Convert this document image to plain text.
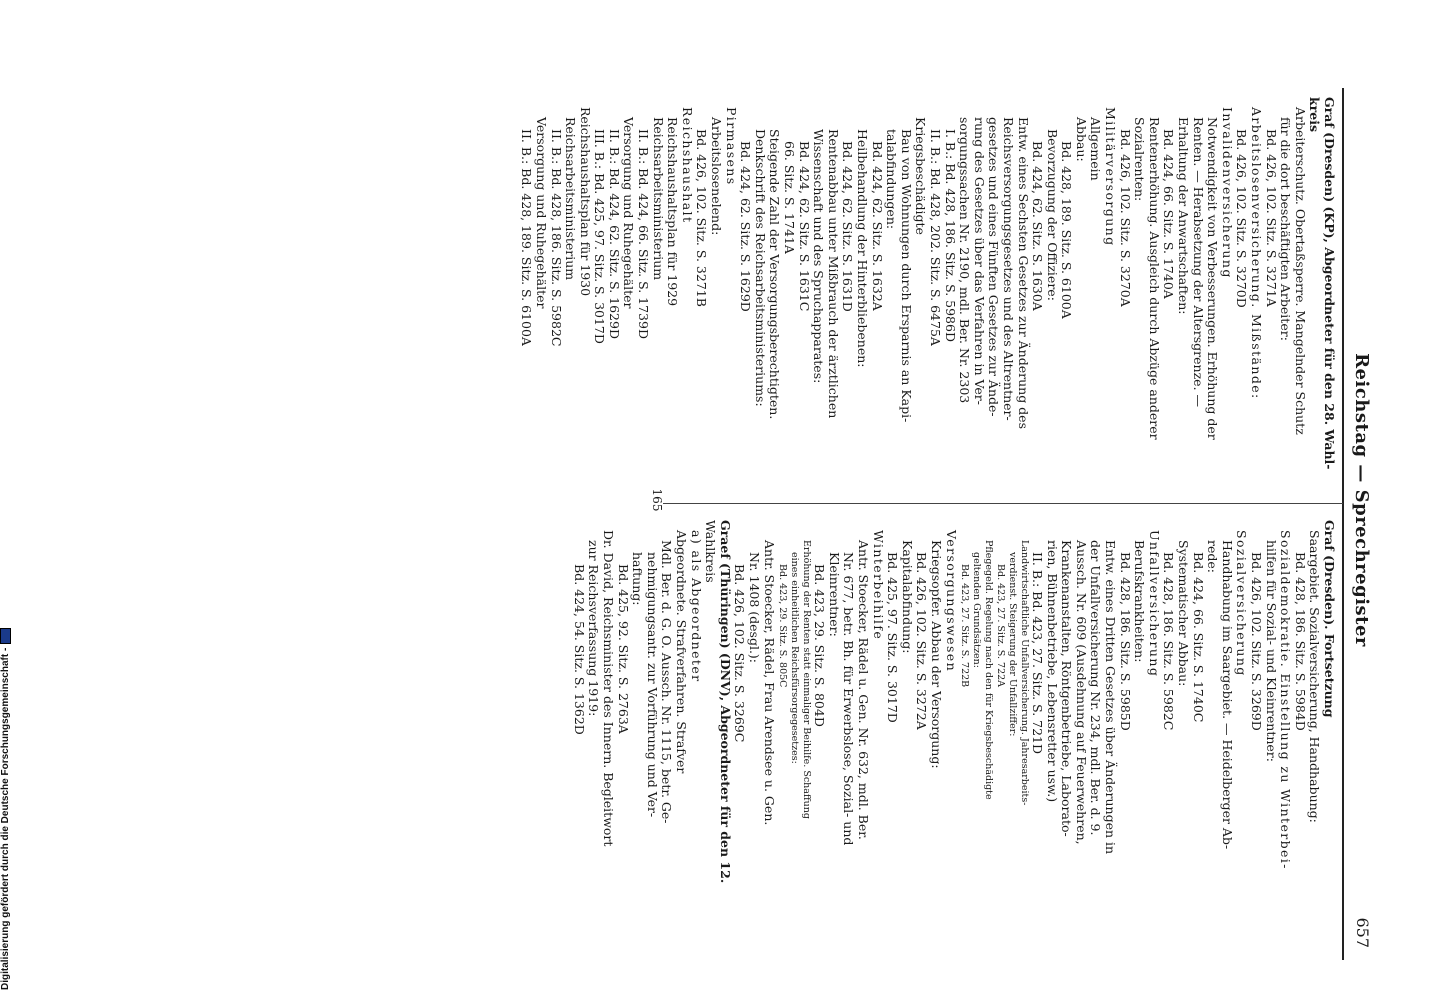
Reichstag — Sprechregister
657
Graf (Dresden) (KP), Abgeordneter für den 28. Wahl-
kreis
Arbeiterschutz. Obertaßsperre. Mangelnder Schutz
für die dort beschäftigten Arbeiter:
Bd. 426, 102. Sitz. S. 3271A
Arbeitslosenversicherung. Mißstände:
Bd. 426, 102. Sitz. S. 3270D
Invalidenversicherung
Notwendigkeit von Verbesserungen. Erhöhung der
Renten. — Herabsetzung der Altersgrenze. —
Erhaltung der Anwartschaften:
Bd. 424, 66. Sitz. S. 1740A
Rentenerhöhung. Ausgleich durch Abzüge anderer
Sozialrenten:
Bd. 426, 102. Sitz. S. 3270A
Militärversorgung
Allgemein
Abbau:
Bd. 428, 189. Sitz. S. 6100A
Bevorzugung der Offiziere:
Bd. 424, 62. Sitz. S. 1630A
Entw. eines Sechsten Gesetzes zur Änderung des
Reichsversorgungsgesetzes und des Altrentner-
gesetzes und eines Fünften Gesetzes zur Ände-
rung des Gesetzes über das Verfahren in Ver-
sorgungssachen Nr. 2190, mdl. Ber. Nr. 2303
I. B.: Bd. 428, 186. Sitz. S. 5986D
II. B.: Bd. 428, 202. Sitz. S. 6475A
Kriegsbeschädigte
Bau von Wohnungen durch Ersparnis an Kapi-
talabfindungen:
Bd. 424, 62. Sitz. S. 1632A
Heilbehandlung der Hinterbliebenen:
Bd. 424, 62. Sitz. S. 1631D
Rentenabbau unter Mißbrauch der ärztlichen
Wissenschaft und des Spruchapparates:
Bd. 424, 62. Sitz. S. 1631C
66. Sitz. S. 1741A
Steigende Zahl der Versorgungsberechtigten.
Denkschrift des Reichsarbeitsministeriums:
Bd. 424, 62. Sitz. S. 1629D
Pirmasens
Arbeitslosenelend:
Bd. 426, 102. Sitz. S. 3271B
Reichshaushalt
Reichshaushaltsplan für 1929
Reichsarbeitsministerium
II. B.: Bd. 424, 66. Sitz. S. 1739D
Versorgung und Ruhegehälter
II. B.: Bd. 424, 62. Sitz. S. 1629D
III. B.: Bd. 425, 97. Sitz. S. 3017D
Reichshaushaltsplan für 1930
Reichsarbeitsministerium
II. B.: Bd. 428, 186. Sitz. S. 5982C
Versorgung und Ruhegehälter
II. B.: Bd. 428, 189. Sitz. S. 6100A
Graf (Dresden). Fortsetzung
Saargebiet. Sozialversicherung, Handhabung:
Bd. 428, 186. Sitz. S. 5984D
Sozialdemokratie. Einstellung zu Winterbei-
hilfen für Sozial- und Kleinrentner:
Bd. 426, 102. Sitz. S. 3269D
Sozialversicherung
Handhabung im Saargebiet. — Heidelberger Ab-
rede:
Bd. 424, 66. Sitz. S. 1740C
Systematischer Abbau:
Bd. 428, 186. Sitz. S. 5982C
Unfallversicherung
Berufskrankheiten:
Bd. 428, 186. Sitz. S. 5985D
Entw. eines Dritten Gesetzes über Änderungen in
der Unfallversicherung Nr. 234, mdl. Ber. d. 9.
Aussch. Nr. 609 (Ausdehnung auf Feuerwehren,
Krankenanstalten, Röntgenbetriebe, Laborato-
rien, Bühnenbetriebe, Lebensretter usw.)
II. B.: Bd. 423, 27. Sitz. S. 721D
Landwirtschaftliche Unfallversicherung. Jahresarbeits-
verdienst. Steigerung der Unfallziffer:
Bd. 423, 27. Sitz. S. 722A
Pflegegeld. Regelung nach den für Kriegsbeschädigte
geltenden Grundsätzen:
Bd. 423, 27. Sitz. S. 722B
Versorgungswesen
Kriegsopfer. Abbau der Versorgung:
Bd. 426, 102. Sitz. S. 3272A
Kapitalabfindung:
Bd. 425, 97. Sitz. S. 3017D
Winterbeihilfe
Antr. Stoecker, Rädel u. Gen. Nr. 632, mdl. Ber.
Nr. 677, betr. Bh. für Erwerbslose, Sozial- und
Kleinrentner:
Bd. 423, 29. Sitz. S. 804D
Erhöhung der Renten statt einmaliger Beihilfe. Schaffung
eines einheitlichen Reichsfürsorgegesetzes:
Bd. 423, 29. Sitz. S. 805C
Antr. Stoecker, Rädel, Frau Arendsee u. Gen.
Nr. 1408 (desgl.):
Bd. 426, 102. Sitz. S. 3269C
Graef (Thüringen) (DNV), Abgeordneter für den 12.
Wahlkreis
a) als Abgeordneter
Abgeordnete. Strafverfahren. Strafver
Mdl. Ber. d. G. O. Aussch. Nr. 1115, betr. Ge-
nehmigungsantr. zur Vorführung und Ver-
haftung:
Bd. 425, 92. Sitz. S. 2763A
Dr. David, Reichsminister des Innern. Begleitwort
zur Reichsverfassung 1919:
Bd. 424, 54. Sitz. S. 1362D
165
Digitalisierung gefördert durch die Deutsche Forschungsgemeinschaft -
